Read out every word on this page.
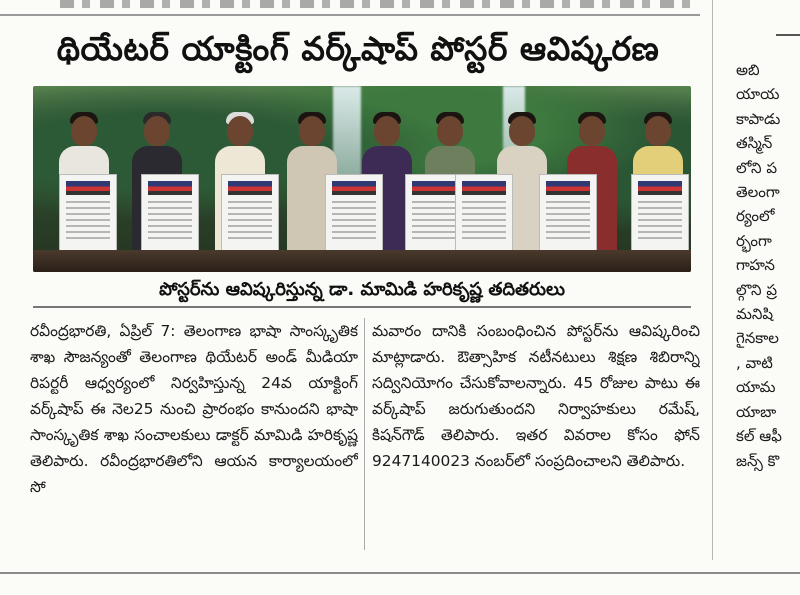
థియేటర్ యాక్టింగ్ వర్క్‌షాప్ పోస్టర్ ఆవిష్కరణ
పోస్టర్‌ను ఆవిష్కరిస్తున్న డా. మామిడి హరికృష్ణ తదితరులు
రవీంద్రభారతి, ఏప్రిల్ 7: తెలంగాణ భాషా సాంస్కృతిక శాఖ సౌజన్యంతో తెలంగాణ థియేటర్ అండ్ మీడియా రిపర్టరీ ఆధ్వర్యంలో నిర్వహిస్తున్న 24వ యాక్టింగ్ వర్క్‌షాప్ ఈ నెల25 నుంచి ప్రారంభం కానుందని భాషా సాంస్కృతిక శాఖ సంచాలకులు డాక్టర్ మామిడి హరికృష్ణ తెలిపారు. రవీంద్రభారతిలోని ఆయన కార్యాలయంలో సో
మవారం దానికి సంబంధించిన పోస్టర్‌ను ఆవిష్కరించి మాట్లాడారు. ఔత్సాహిక నటీనటులు శిక్షణ శిబిరాన్ని సద్వినియోగం చేసుకోవాలన్నారు. 45 రోజుల పాటు ఈ వర్క్‌షాప్ జరుగుతుందని నిర్వాహకులు రమేష్, కిషన్‌గౌడ్ తెలిపారు. ఇతర వివరాల కోసం ఫోన్ 9247140023 నంబర్‌లో సంప్రదించాలని తెలిపారు.
అబి
యాయ
కాపాడు
తస్మిన్
లోని ప
తెలంగా
ర్యంలో
ర్భంగా
గాహన
ల్గొని ప్ర
మనిషి
గైనకాల
, వాటి
యామ
యాబా
కల్ ఆఫీ
జన్స్ కొ
